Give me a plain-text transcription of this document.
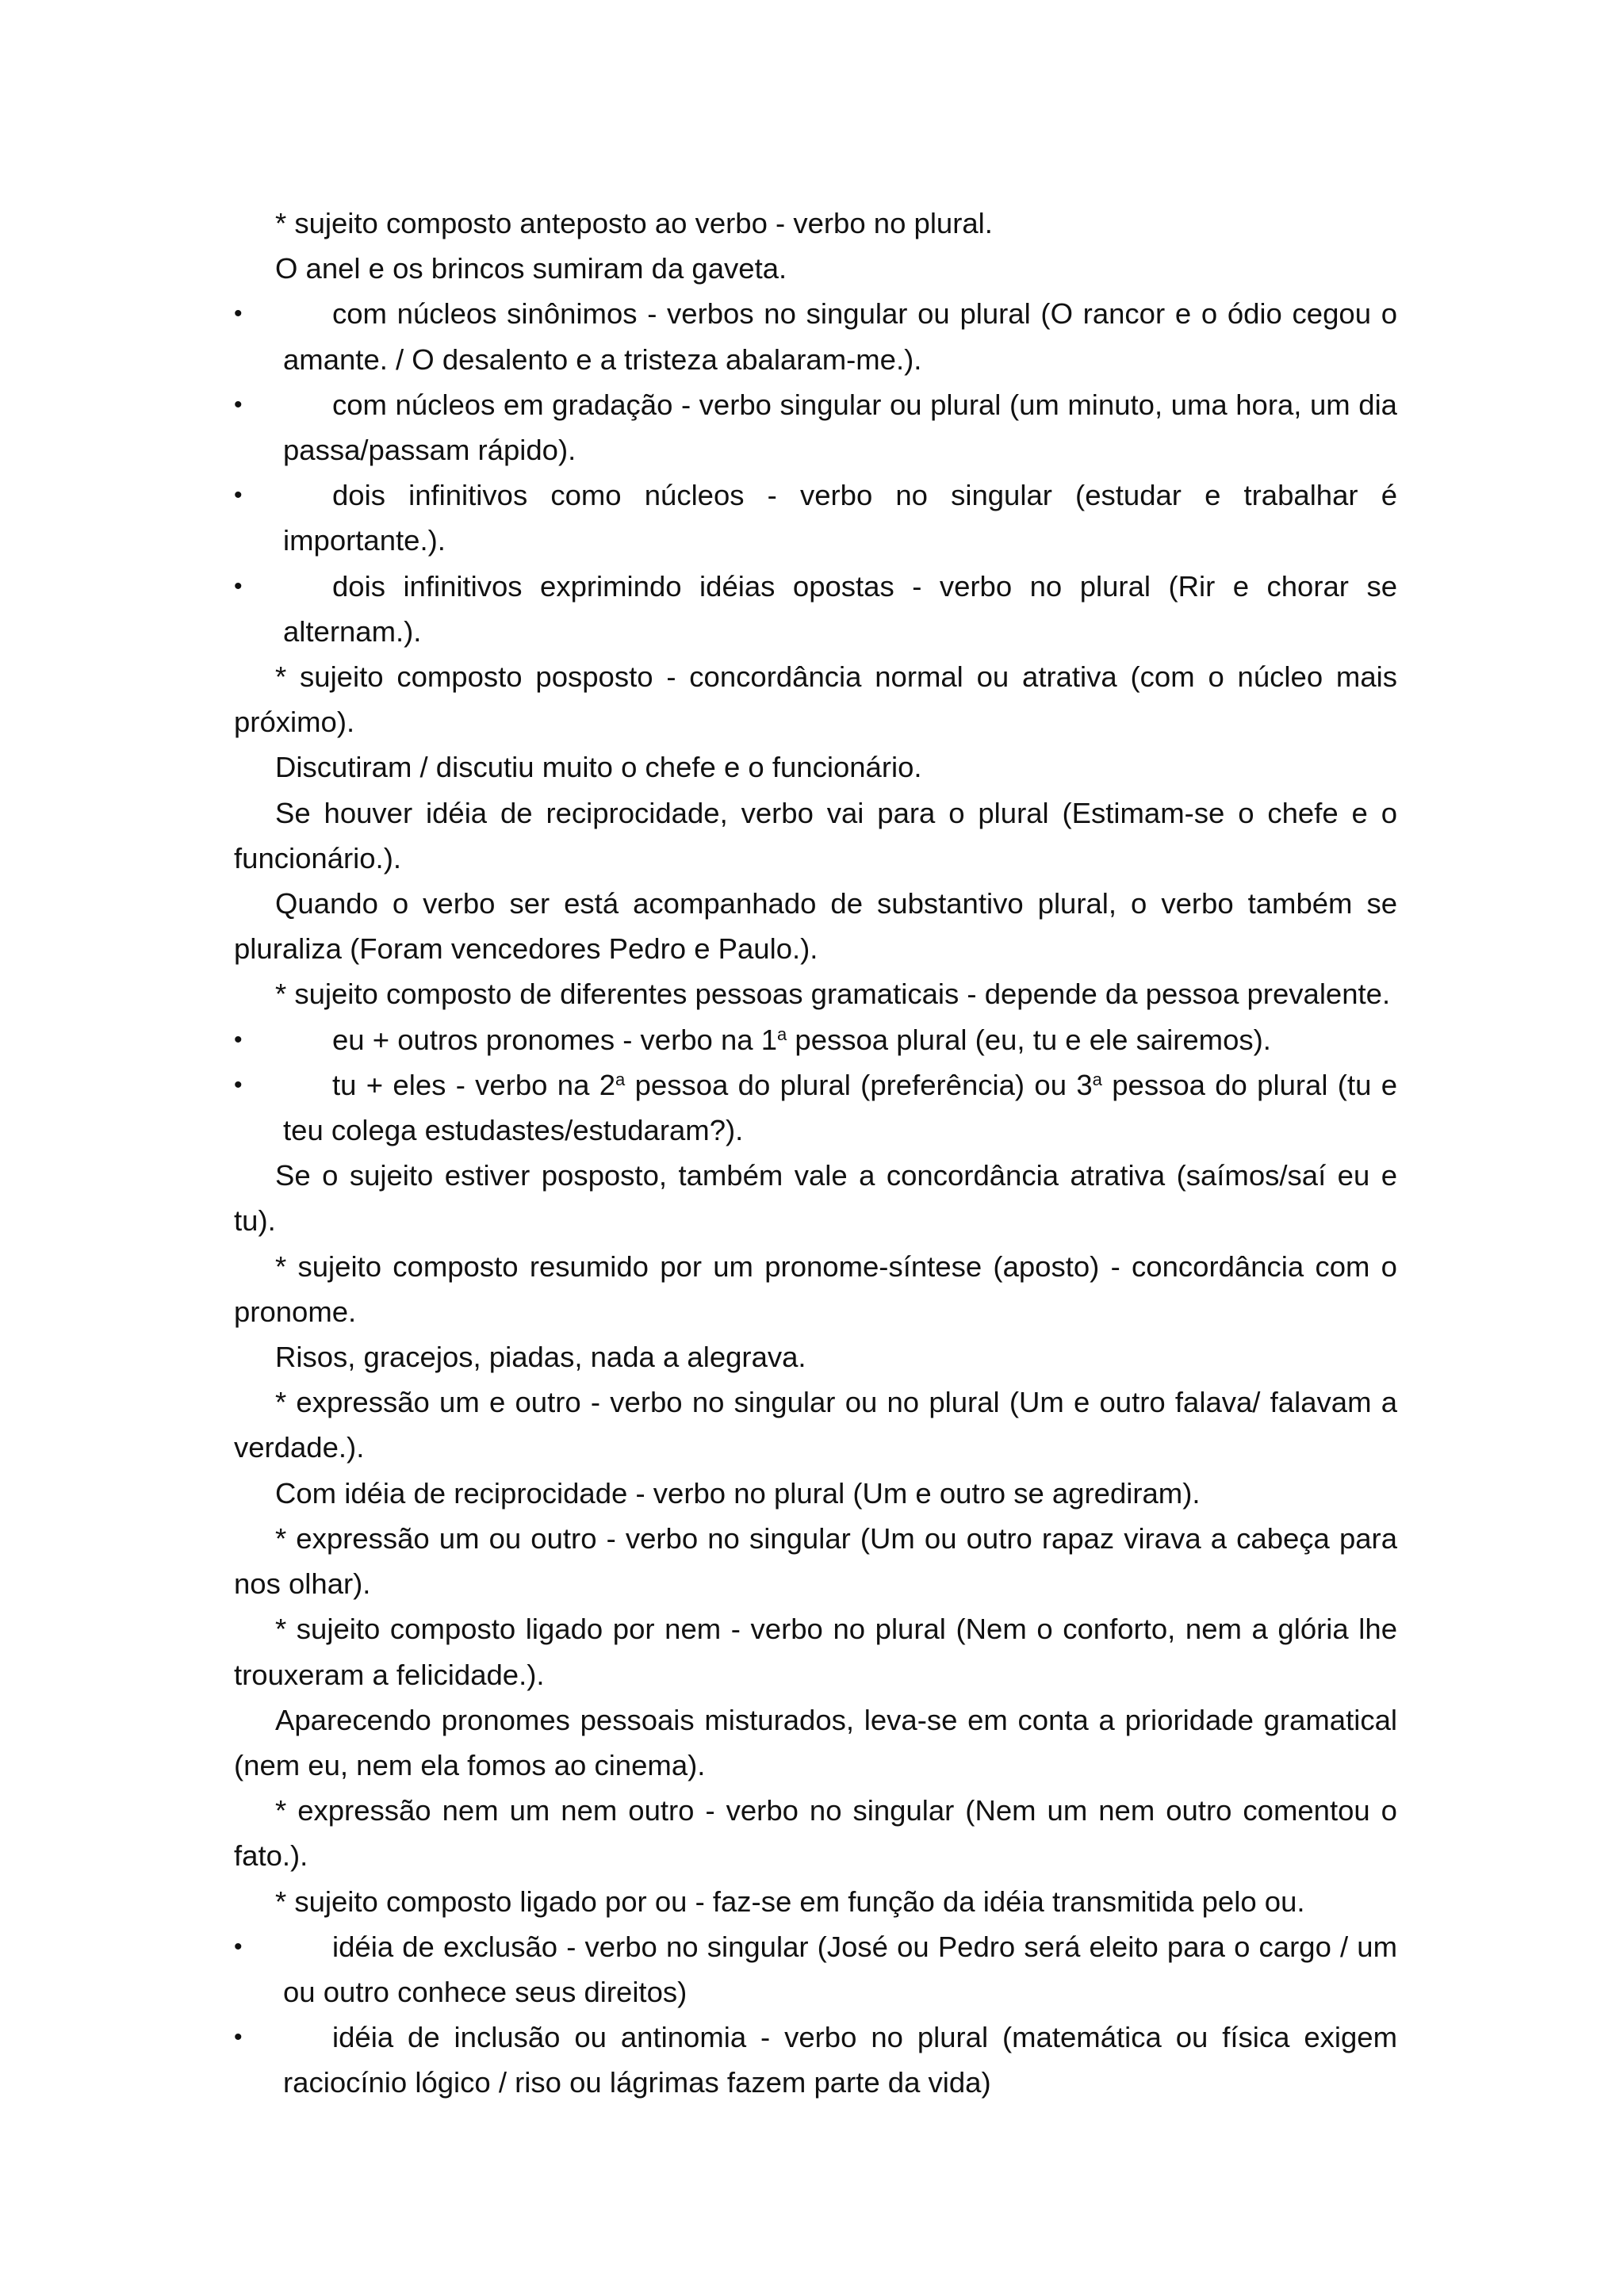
* sujeito composto anteposto ao verbo - verbo no plural.

O anel e os brincos sumiram da gaveta.

•	com núcleos sinônimos - verbos no singular ou plural (O rancor e o ódio cegou o amante. / O desalento e a tristeza abalaram-me.).
•	com núcleos em gradação - verbo singular ou plural (um minuto, uma hora, um dia passa/passam rápido).
•	dois infinitivos como núcleos - verbo no singular (estudar e trabalhar é importante.).
•	dois infinitivos exprimindo idéias opostas - verbo no plural (Rir e chorar se alternam.).

* sujeito composto posposto - concordância normal ou atrativa (com o núcleo mais próximo).

Discutiram / discutiu muito o chefe e o funcionário.

Se houver idéia de reciprocidade, verbo vai para o plural (Estimam-se o chefe e o funcionário.).

Quando o verbo ser está acompanhado de substantivo plural, o verbo também se pluraliza (Foram vencedores Pedro e Paulo.).

* sujeito composto de diferentes pessoas gramaticais - depende da pessoa prevalente.

•	eu + outros pronomes - verbo na 1$^a$ pessoa plural (eu, tu e ele sairemos).
•	tu + eles - verbo na 2$^a$ pessoa do plural (preferência) ou 3$^a$ pessoa do plural (tu e teu colega estudastes/estudaram?).

Se o sujeito estiver posposto, também vale a concordância atrativa (saímos/saí eu e tu).

* sujeito composto resumido por um pronome-síntese (aposto) - concordância com o pronome.

Risos, gracejos, piadas, nada a alegrava.

* expressão um e outro - verbo no singular ou no plural (Um e outro falava/ falavam a verdade.).

Com idéia de reciprocidade - verbo no plural (Um e outro se agrediram).

* expressão um ou outro - verbo no singular (Um ou outro rapaz virava a cabeça para nos olhar).

* sujeito composto ligado por nem - verbo no plural (Nem o conforto, nem a glória lhe trouxeram a felicidade.).

Aparecendo pronomes pessoais misturados, leva-se em conta a prioridade gramatical (nem eu, nem ela fomos ao cinema).

* expressão nem um nem outro - verbo no singular (Nem um nem outro comentou o fato.).

* sujeito composto ligado por ou - faz-se em função da idéia transmitida pelo ou.

•	idéia de exclusão - verbo no singular (José ou Pedro será eleito para o cargo / um ou outro conhece seus direitos)
•	idéia de inclusão ou antinomia - verbo no plural (matemática ou física exigem raciocínio lógico / riso ou lágrimas fazem parte da vida)
